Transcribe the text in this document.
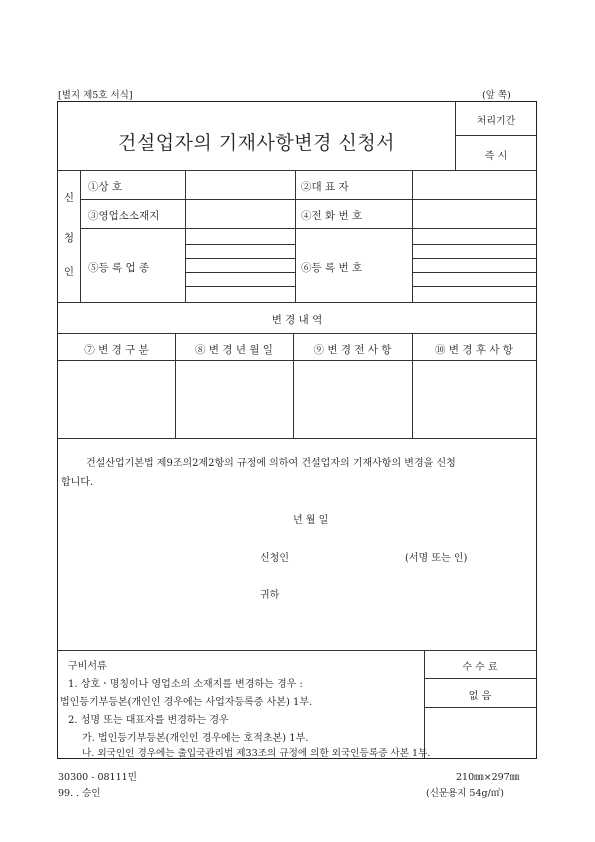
[별지 제5호 서식]	(앞 쪽)
건설업자의 기재사항변경 신청서
처리기간
즉 시
신
청
인
①상 호	②대 표 자
③영업소소재지	④전 화 번 호
⑤등 록 업 종	⑥등 록 번 호
변 경 내 역
⑦ 변 경 구 분	⑧ 변 경 년 월 일	⑨ 변 경 전 사 항	⑩ 변 경 후 사 항
건설산업기본법 제9조의2제2항의 규정에 의하여 건설업자의 기재사항의 변경을 신청
합니다.
년 월 일
신청인	(서명 또는 인)
귀하
수 수 료
없 음
구비서류
1. 상호ㆍ명칭이나 영업소의 소재지를 변경하는 경우 :
법인등기부등본(개인인 경우에는 사업자등록증 사본) 1부.
2. 성명 또는 대표자를 변경하는 경우
가. 법인등기부등본(개인인 경우에는 호적초본) 1부.
나. 외국인인 경우에는 출입국관리법 제33조의 규정에 의한 외국인등록증 사본 1부.
30300 - 08111민
99. . 승인
210㎜×297㎜
(신문용지 54g/㎡)
